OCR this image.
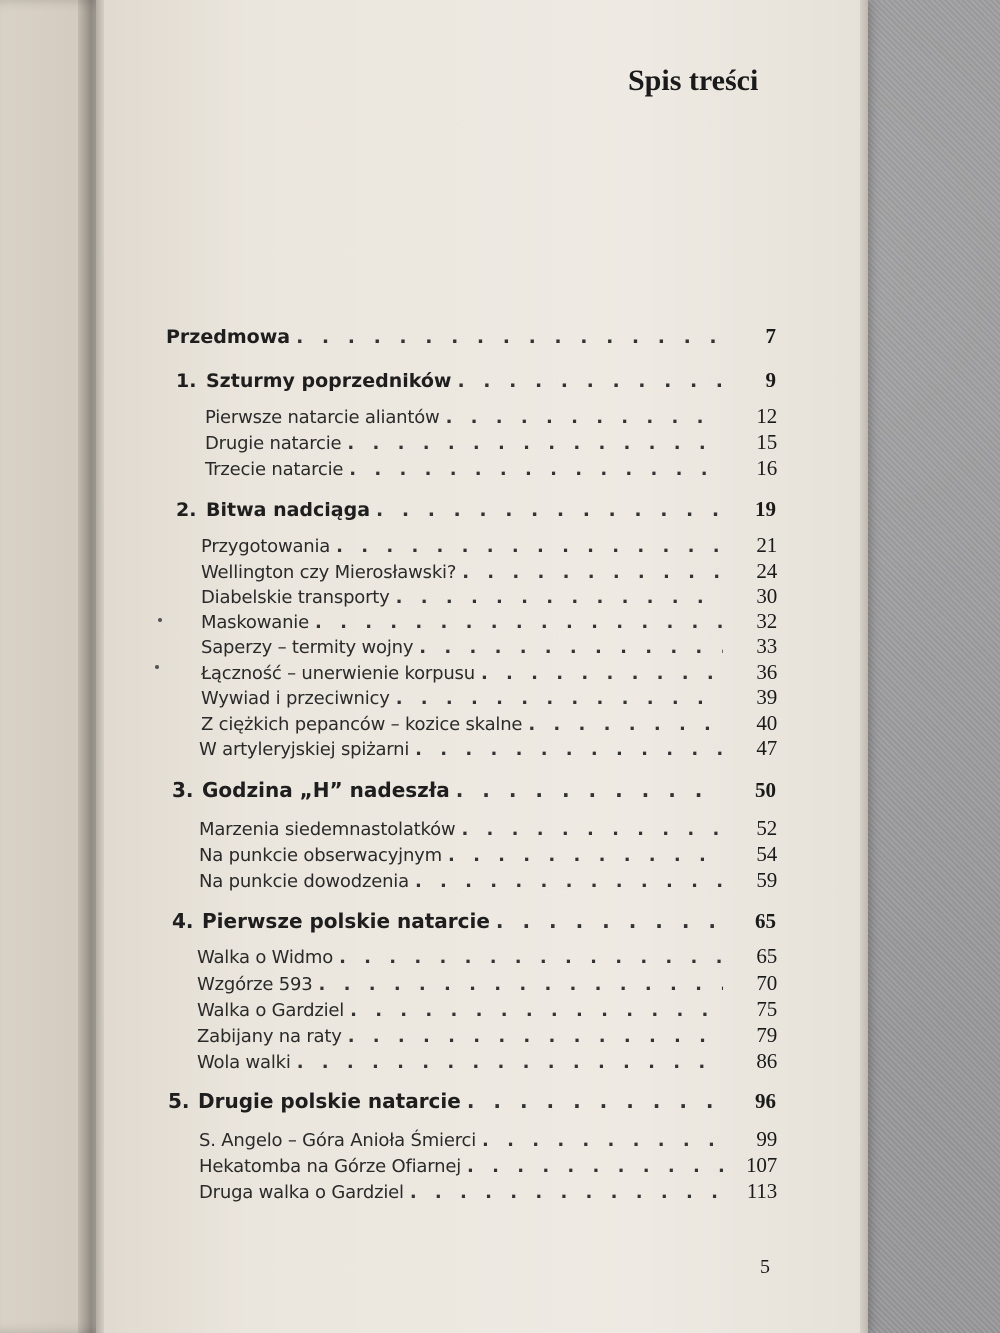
Spis treści
Przedmowa . . .	7
1. Szturmy poprzedników . . .	9
Pierwsze natarcie aliantów . . .	12
Drugie natarcie . . .	15
Trzecie natarcie . . .	16
2. Bitwa nadciąga . . .	19
Przygotowania . . .	21
Wellington czy Mierosławski? . . .	24
Diabelskie transporty . . .	30
Maskowanie . . .	32
Saperzy – termity wojny . . .	33
Łączność – unerwienie korpusu . . .	36
Wywiad i przeciwnicy . . .	39
Z ciężkich pepanców – kozice skalne . . .	40
W artyleryjskiej spiżarni . . .	47
3. Godzina „H” nadeszła . . .	50
Marzenia siedemnastolatków . . .	52
Na punkcie obserwacyjnym . . .	54
Na punkcie dowodzenia . . .	59
4. Pierwsze polskie natarcie . . .	65
Walka o Widmo . . .	65
Wzgórze 593 . . .	70
Walka o Gardziel . . .	75
Zabijany na raty . . .	79
Wola walki . . .	86
5. Drugie polskie natarcie . . .	96
S. Angelo – Góra Anioła Śmierci . . .	99
Hekatomba na Górze Ofiarnej . . .	107
Druga walka o Gardziel . . .	113
5
